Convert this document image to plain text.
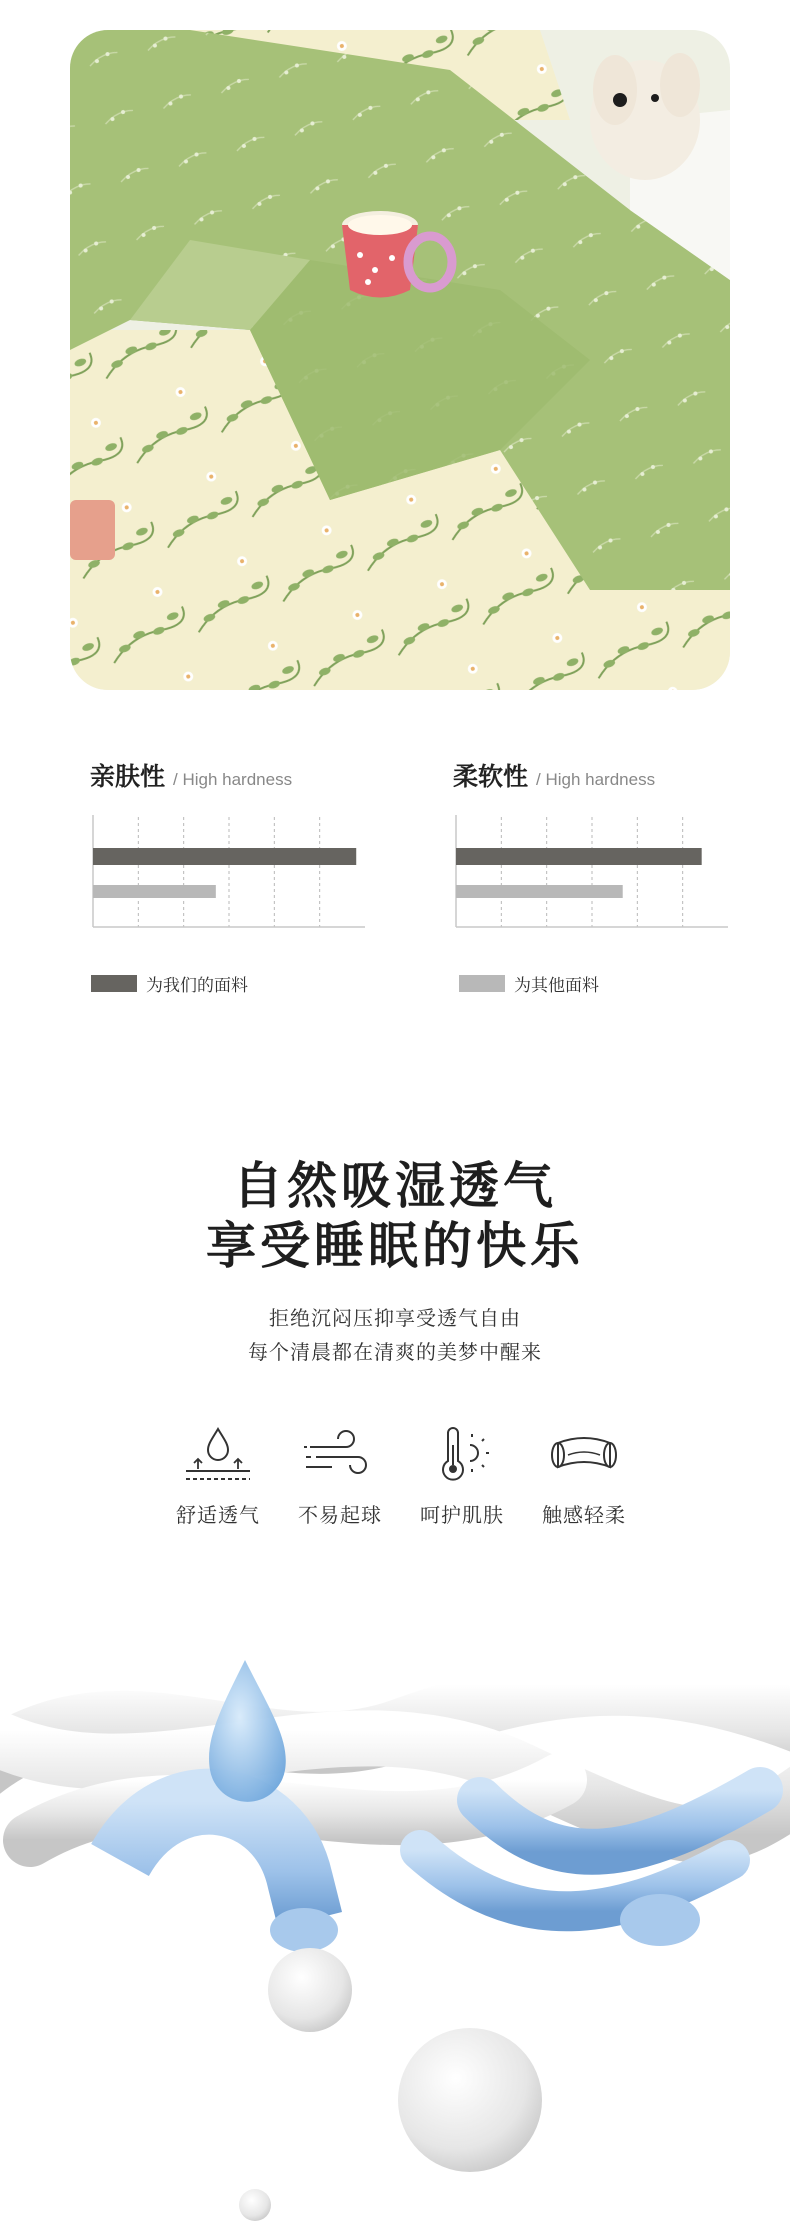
亲肤性 / High hardness	柔软性 / High hardness
为我们的面料	为其他面料
自然吸湿透气
享受睡眠的快乐
拒绝沉闷压抑享受透气自由
每个清晨都在清爽的美梦中醒来
舒适透气	不易起球	呵护肌肤	触感轻柔
